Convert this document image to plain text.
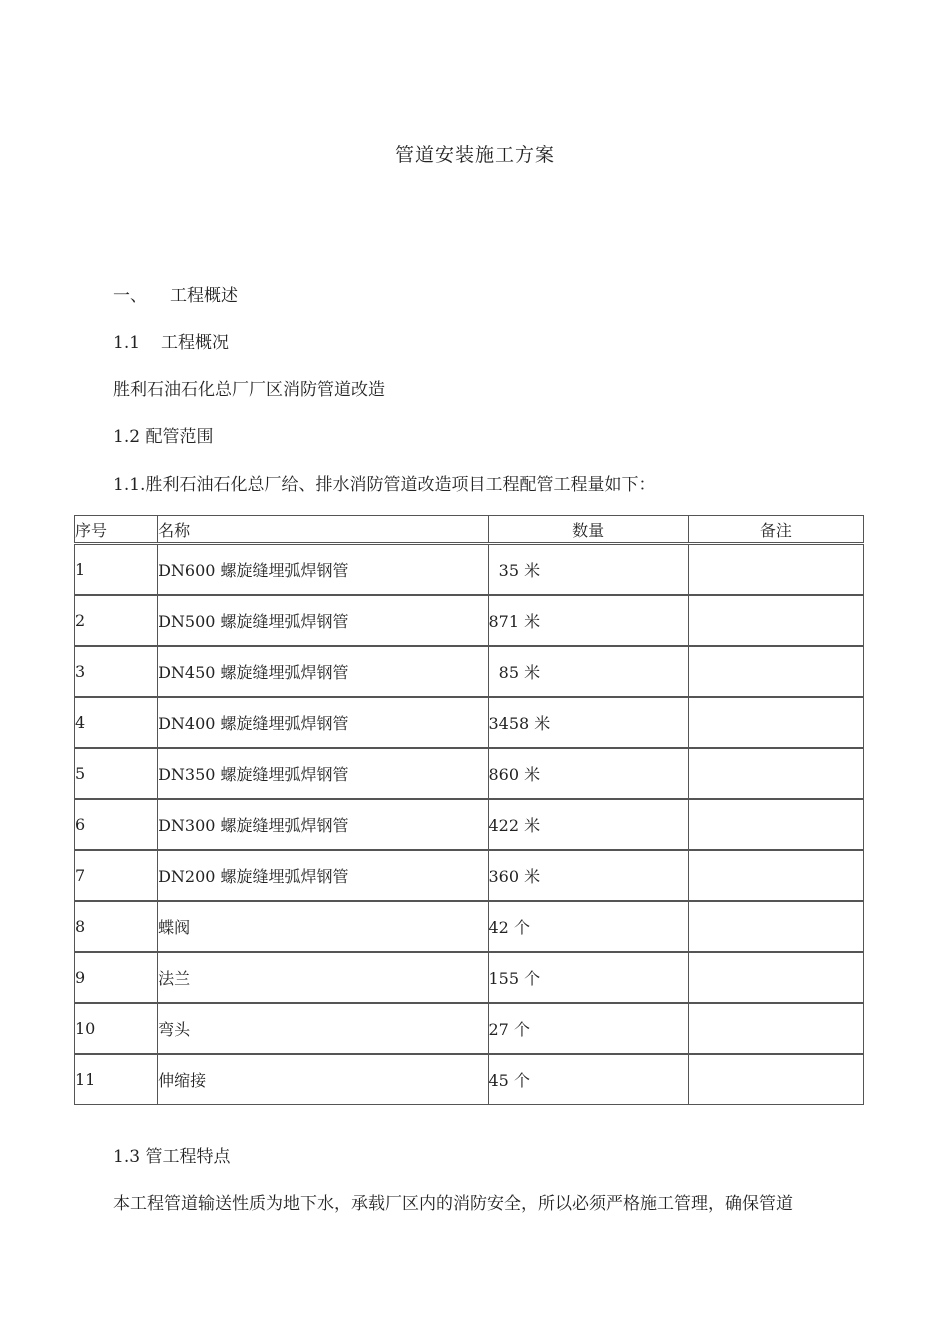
管道安装施工方案
一、 工程概述
1.1 工程概况
胜利石油石化总厂厂区消防管道改造
1.2 配管范围
1.1.胜利石油石化总厂给、排水消防管道改造项目工程配管工程量如下：
序号	名称	数量	备注
1	DN600 螺旋缝埋弧焊钢管	35 米	
2	DN500 螺旋缝埋弧焊钢管	871 米	
3	DN450 螺旋缝埋弧焊钢管	85 米	
4	DN400 螺旋缝埋弧焊钢管	3458 米	
5	DN350 螺旋缝埋弧焊钢管	860 米	
6	DN300 螺旋缝埋弧焊钢管	422 米	
7	DN200 螺旋缝埋弧焊钢管	360 米	
8	蝶阀	42 个	
9	法兰	155 个	
10	弯头	27 个	
11	伸缩接	45 个	
1.3 管工程特点
本工程管道输送性质为地下水，承载厂区内的消防安全，所以必须严格施工管理，确保管道
